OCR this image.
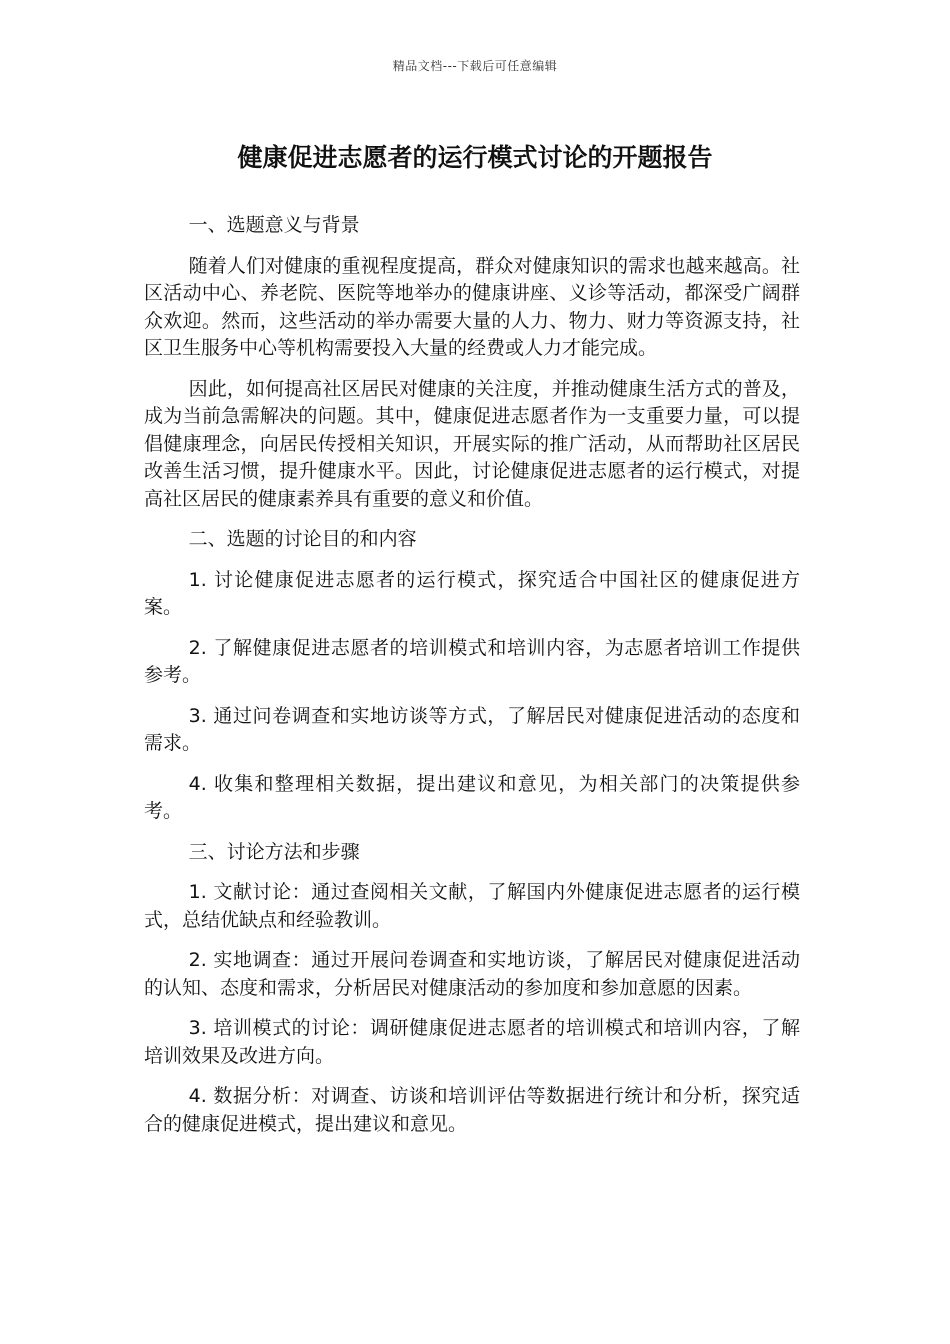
精品文档---下载后可任意编辑
健康促进志愿者的运行模式讨论的开题报告

一、选题意义与背景

随着人们对健康的重视程度提高，群众对健康知识的需求也越来越高。社区活动中心、养老院、医院等地举办的健康讲座、义诊等活动，都深受广阔群众欢迎。然而，这些活动的举办需要大量的人力、物力、财力等资源支持，社区卫生服务中心等机构需要投入大量的经费或人力才能完成。

因此，如何提高社区居民对健康的关注度，并推动健康生活方式的普及，成为当前急需解决的问题。其中，健康促进志愿者作为一支重要力量，可以提倡健康理念，向居民传授相关知识，开展实际的推广活动，从而帮助社区居民改善生活习惯，提升健康水平。因此，讨论健康促进志愿者的运行模式，对提高社区居民的健康素养具有重要的意义和价值。

二、选题的讨论目的和内容

1. 讨论健康促进志愿者的运行模式，探究适合中国社区的健康促进方案。

2. 了解健康促进志愿者的培训模式和培训内容，为志愿者培训工作提供参考。

3. 通过问卷调查和实地访谈等方式，了解居民对健康促进活动的态度和需求。

4. 收集和整理相关数据，提出建议和意见，为相关部门的决策提供参考。

三、讨论方法和步骤

1. 文献讨论：通过查阅相关文献，了解国内外健康促进志愿者的运行模式，总结优缺点和经验教训。

2. 实地调查：通过开展问卷调查和实地访谈，了解居民对健康促进活动的认知、态度和需求，分析居民对健康活动的参加度和参加意愿的因素。

3. 培训模式的讨论：调研健康促进志愿者的培训模式和培训内容，了解培训效果及改进方向。

4. 数据分析：对调查、访谈和培训评估等数据进行统计和分析，探究适合的健康促进模式，提出建议和意见。
